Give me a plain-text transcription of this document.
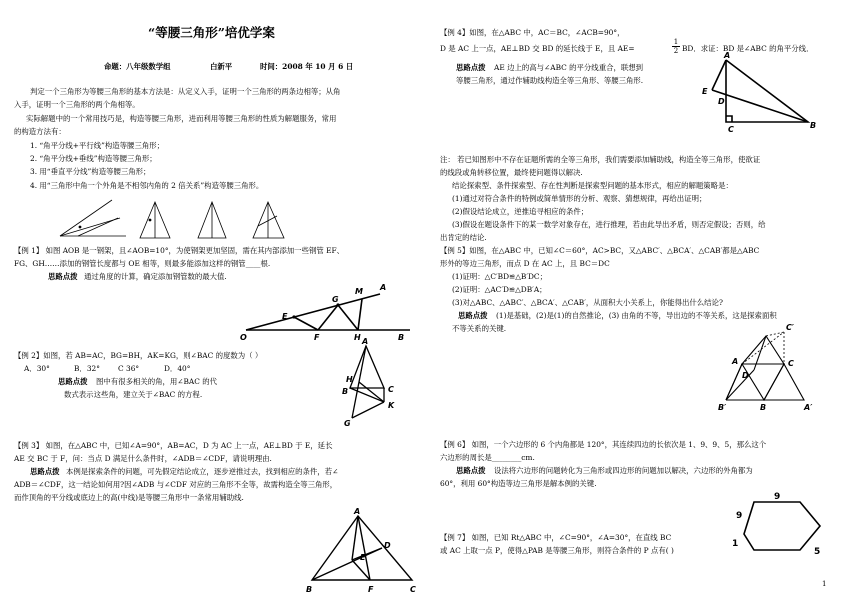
“等腰三角形”培优学案
命题：八年级数学组	白新平	时间：2008 年 10 月 6 日
判定一个三角形为等腰三角形的基本方法是：从定义入手，证明一个三角形的两条边相等；从角
入手，证明一个三角形的两个角相等。
实际解题中的一个常用技巧是，构造等腰三角形，进而利用等腰三角形的性质为解题服务，常用
的构造方法有：
1. “角平分线+平行线”构造等腰三角形；
2. “角平分线+垂线”构造等腰三角形；
3. 用“垂直平分线”构造等腰三角形；
4. 用“三角形中角一个外角是不相邻内角的 2 倍关系”构造等腰三角形。
【例 1】 如图 AOB 是一钢架，且∠AOB=10°，为使钢架更加坚固，需在其内部添加一些钢管 EF、
FG、GH……添加的钢管长度都与 OE 相等，则最多能添加这样的钢管____根.
思路点拨 通过角度的计算，确定添加钢管数的最大值.
M A
G
E
O	F	H	B
【例 2】如图，若 AB=AC，BG=BH，AK=KG，则∠BAC 的度数为（ ）
A．30°	B．32° C 36°	D．40°
思路点拨 图中有很多相关的角，用∠BAC 的代
数式表示这些角，建立关于∠BAC 的方程.
A
H
B	C
K
G
【例 3】 如图，在△ABC 中，已知∠A=90°，AB=AC，D 为 AC 上一点，AE⊥BD 于 E，延长
AE 交 BC 于 F，问：当点 D 满足什么条件时，∠ADB＝∠CDF，请说明理由.
思路点拨 本例是探索条件的问题，可先假定结论成立，逐步逆推过去，找到相应的条件，若∠
ADB＝∠CDF，这一结论如何用?因∠ADB 与∠CDF 对应的三角形不全等，故需构造全等三角形，
而作顶角的平分线或底边上的高(中线)是等腰三角形中一条常用辅助线.
A
E
D
B	F	C
【例 4】如图，在△ABC 中，AC＝BC，∠ACB=90°，
D 是 AC 上一点，AE⊥BD 交 BD 的延长线于 E，且 AE=	$\frac{1}{2}$ BD．求证：BD 是∠ABC 的角平分线．
思路点拨 AE 边上的高与∠ABC 的平分线重合，联想到
等腰三角形，通过作辅助线构造全等三角形、等腰三角形.
A
E
D
C	B
注： 若已知图形中不存在证题所需的全等三角形，我们需要添加辅助线，构造全等三角形，使欲证
的线段或角转移位置，最终使问题得以解决.
结论探索型、条件探索型、存在性判断是探索型问题的基本形式，相应的解题策略是：
(1)通过对符合条件的特例或简单情形的分析、观察、猜想规律，再给出证明；
(2)假设结论成立，逆推追寻相应的条件；
(3)假设在题设条件下的某一数学对象存在，进行推理，若由此导出矛盾，则否定假设；否则，给
出肯定的结论.
【例 5】如图，在△ABC 中，已知∠C＝60°，AC>BC，又△ABC′、△BCA′、△CAB′都是△ABC
形外的等边三角形，而点 D 在 AC 上，且 BC＝DC
(1)证明：△C′BD≌△B′DC；
(2)证明：△AC′D≌△DB′A；
(3)对△ABC、△ABC′、△BCA′、△CAB′，从面积大小关系上，你能得出什么结论?
思路点拨 (1)是基础，(2)是(1)的自然推论，(3) 由角的不等，导出边的不等关系，这是探索面积
不等关系的关键.	C′
A
D
C
B′	B	A′
【例 6】 如图，一个六边形的 6 个内角都是 120°，其连续四边的长依次是 1、9、9、5，那么这个
六边形的周长是________cm.
思路点拨 设法将六边形的问题转化为三角形或四边形的问题加以解决，六边形的外角都为
60°，利用 60°构造等边三角形是解本例的关键.
9
9
5
1
【例 7】 如图，已知 Rt△ABC 中，∠C=90°，∠A=30°，在直线 BC
或 AC 上取一点 P，使得△PAB 是等腰三角形，则符合条件的 P 点有( )
1
